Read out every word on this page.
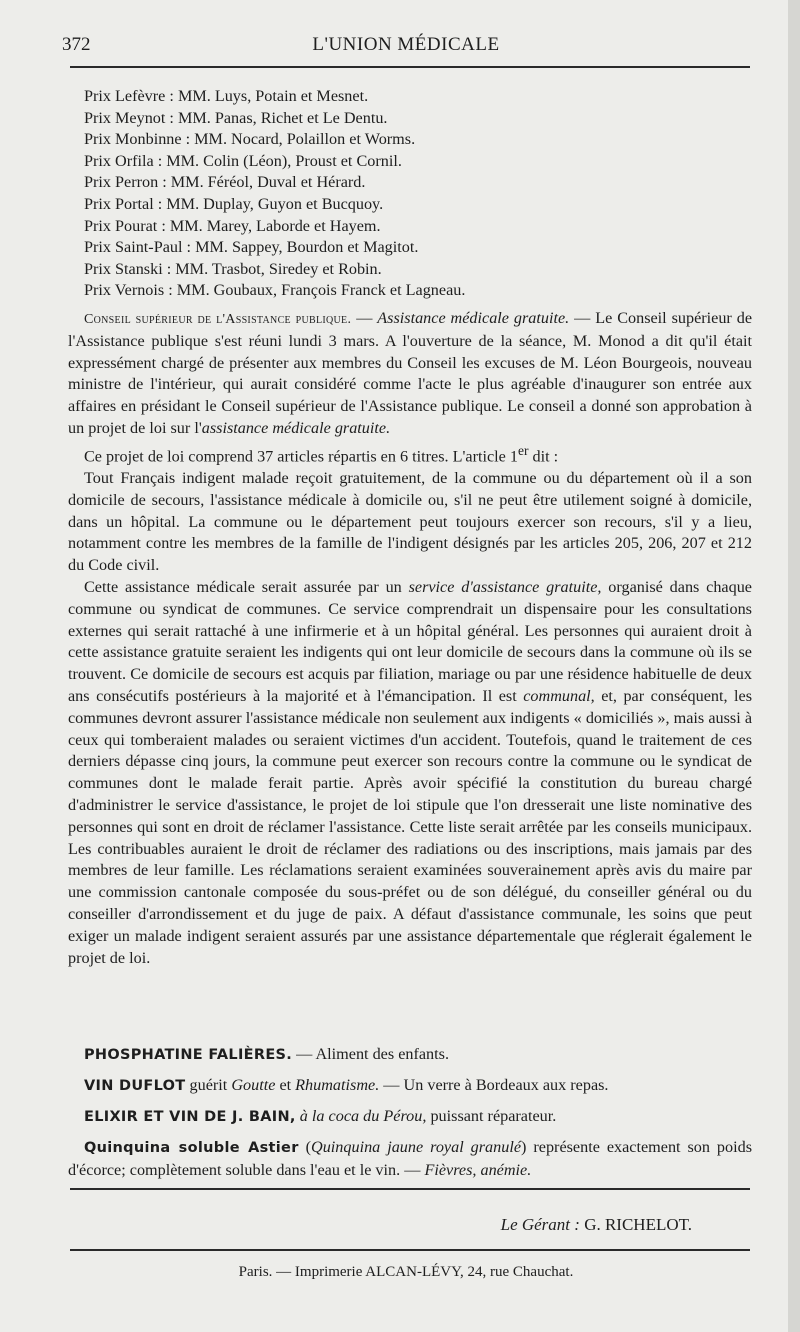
372	L'UNION MÉDICALE
Prix Lefèvre : MM. Luys, Potain et Mesnet.
Prix Meynot : MM. Panas, Richet et Le Dentu.
Prix Monbinne : MM. Nocard, Polaillon et Worms.
Prix Orfila : MM. Colin (Léon), Proust et Cornil.
Prix Perron : MM. Féréol, Duval et Hérard.
Prix Portal : MM. Duplay, Guyon et Bucquoy.
Prix Pourat : MM. Marey, Laborde et Hayem.
Prix Saint-Paul : MM. Sappey, Bourdon et Magitot.
Prix Stanski : MM. Trasbot, Siredey et Robin.
Prix Vernois : MM. Goubaux, François Franck et Lagneau.

Conseil supérieur de l'Assistance publique. — Assistance médicale gratuite. — Le Conseil supérieur de l'Assistance publique s'est réuni lundi 3 mars. A l'ouverture de la séance, M. Monod a dit qu'il était expressément chargé de présenter aux membres du Conseil les excuses de M. Léon Bourgeois, nouveau ministre de l'intérieur, qui aurait considéré comme l'acte le plus agréable d'inaugurer son entrée aux affaires en présidant le Conseil supérieur de l'Assistance publique. Le conseil a donné son approbation à un projet de loi sur l'assistance médicale gratuite.

Ce projet de loi comprend 37 articles répartis en 6 titres. L'article 1er dit :

Tout Français indigent malade reçoit gratuitement, de la commune ou du département où il a son domicile de secours, l'assistance médicale à domicile ou, s'il ne peut être utilement soigné à domicile, dans un hôpital. La commune ou le département peut toujours exercer son recours, s'il y a lieu, notamment contre les membres de la famille de l'indigent désignés par les articles 205, 206, 207 et 212 du Code civil.

Cette assistance médicale serait assurée par un service d'assistance gratuite, organisé dans chaque commune ou syndicat de communes. Ce service comprendrait un dispensaire pour les consultations externes qui serait rattaché à une infirmerie et à un hôpital général. Les personnes qui auraient droit à cette assistance gratuite seraient les indigents qui ont leur domicile de secours dans la commune où ils se trouvent. Ce domicile de secours est acquis par filiation, mariage ou par une résidence habituelle de deux ans consécutifs postérieurs à la majorité et à l'émancipation. Il est communal, et, par conséquent, les communes devront assurer l'assistance médicale non seulement aux indigents « domiciliés », mais aussi à ceux qui tomberaient malades ou seraient victimes d'un accident. Toutefois, quand le traitement de ces derniers dépasse cinq jours, la commune peut exercer son recours contre la commune ou le syndicat de communes dont le malade ferait partie. Après avoir spécifié la constitution du bureau chargé d'administrer le service d'assistance, le projet de loi stipule que l'on dresserait une liste nominative des personnes qui sont en droit de réclamer l'assistance. Cette liste serait arrêtée par les conseils municipaux. Les contribuables auraient le droit de réclamer des radiations ou des inscriptions, mais jamais par des membres de leur famille. Les réclamations seraient examinées souverainement après avis du maire par une commission cantonale composée du sous-préfet ou de son délégué, du conseiller général ou du conseiller d'arrondissement et du juge de paix. A défaut d'assistance communale, les soins que peut exiger un malade indigent seraient assurés par une assistance départementale que réglerait également le projet de loi.

PHOSPHATINE FALIÈRES. — Aliment des enfants.

VIN DUFLOT guérit Goutte et Rhumatisme. — Un verre à Bordeaux aux repas.

ELIXIR ET VIN DE J. BAIN, à la coca du Pérou, puissant réparateur.

Quinquina soluble Astier (Quinquina jaune royal granulé) représente exactement son poids d'écorce; complètement soluble dans l'eau et le vin. — Fièvres, anémie.

Le Gérant : G. RICHELOT.
Paris. — Imprimerie ALCAN-LÉVY, 24, rue Chauchat.
